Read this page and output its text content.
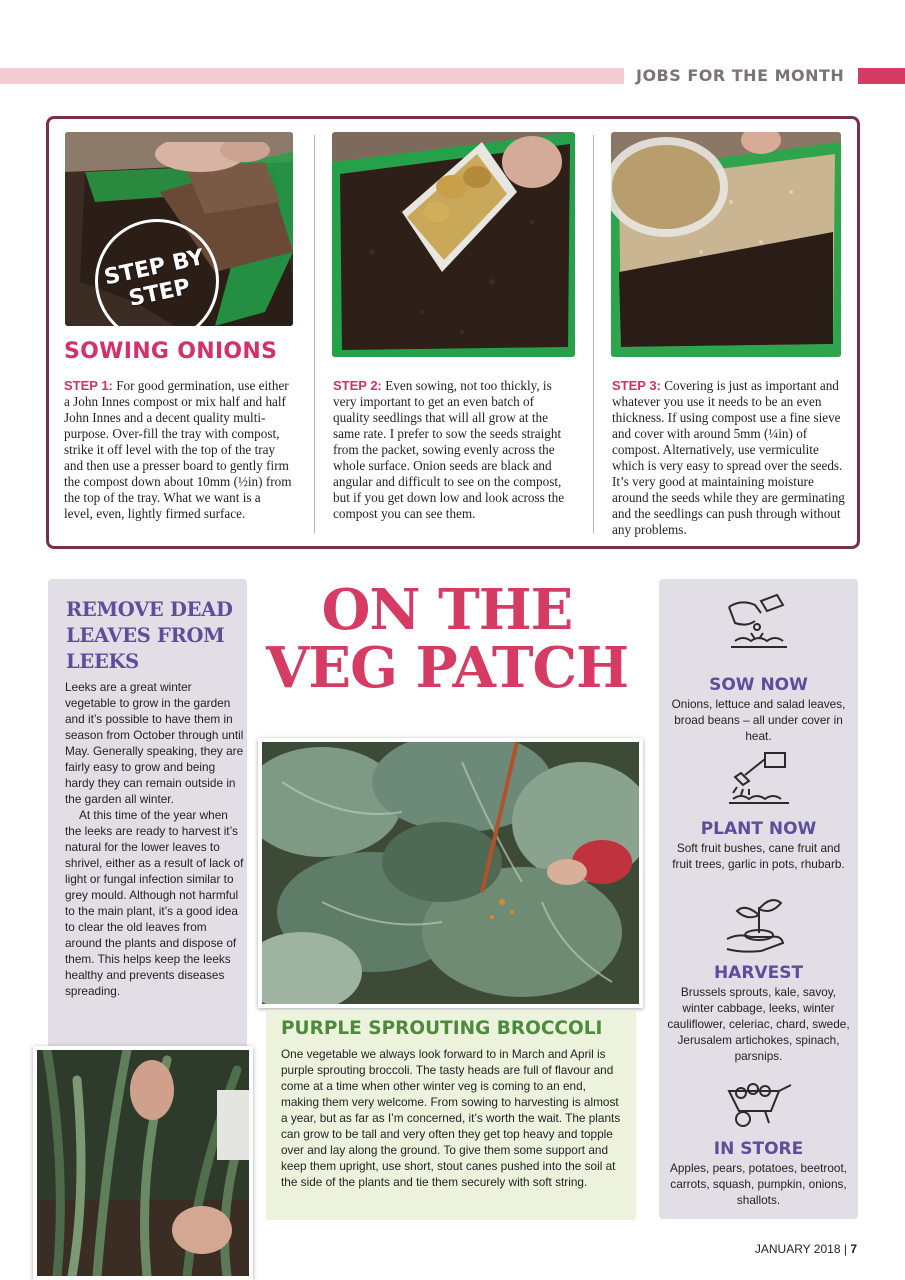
JOBS FOR THE MONTH
STEP BY STEP
SOWING ONIONS
STEP 1: For good germination, use either a John Innes compost or mix half and half John Innes and a decent quality multi-purpose. Over-fill the tray with compost, strike it off level with the top of the tray and then use a presser board to gently firm the compost down about 10mm (½in) from the top of the tray. What we want is a level, even, lightly firmed surface.
STEP 2: Even sowing, not too thickly, is very important to get an even batch of quality seedlings that will all grow at the same rate. I prefer to sow the seeds straight from the packet, sowing evenly across the whole surface. Onion seeds are black and angular and difficult to see on the compost, but if you get down low and look across the compost you can see them.
STEP 3: Covering is just as important and whatever you use it needs to be an even thickness. If using compost use a fine sieve and cover with around 5mm (¼in) of compost. Alternatively, use vermiculite which is very easy to spread over the seeds. It’s very good at maintaining moisture around the seeds while they are germinating and the seedlings can push through without any problems.
REMOVE DEAD
LEAVES FROM
LEEKS

Leeks are a great winter vegetable to grow in the garden and it’s possible to have them in season from October through until May. Generally speaking, they are fairly easy to grow and being hardy they can remain outside in the garden all winter.

At this time of the year when the leeks are ready to harvest it’s natural for the lower leaves to shrivel, either as a result of lack of light or fungal infection similar to grey mould. Although not harmful to the main plant, it’s a good idea to clear the old leaves from around the plants and dispose of them. This helps keep the leeks healthy and prevents diseases spreading.

ON THE
VEG PATCH
PURPLE SPROUTING BROCCOLI
One vegetable we always look forward to in March and April is purple sprouting broccoli. The tasty heads are full of flavour and come at a time when other winter veg is coming to an end, making them very welcome. From sowing to harvesting is almost a year, but as far as I’m concerned, it’s worth the wait. The plants can grow to be tall and very often they get top heavy and topple over and lay along the ground. To give them some support and keep them upright, use short, stout canes pushed into the soil at the side of the plants and tie them securely with soft string.
SOW NOW
Onions, lettuce and salad leaves, broad beans – all under cover in heat.
PLANT NOW
Soft fruit bushes, cane fruit and fruit trees, garlic in pots, rhubarb.
HARVEST
Brussels sprouts, kale, savoy, winter cabbage, leeks, winter cauliflower, celeriac, chard, swede, Jerusalem artichokes, spinach, parsnips.
IN STORE
Apples, pears, potatoes, beetroot, carrots, squash, pumpkin, onions, shallots.
JANUARY 2018 | 7
